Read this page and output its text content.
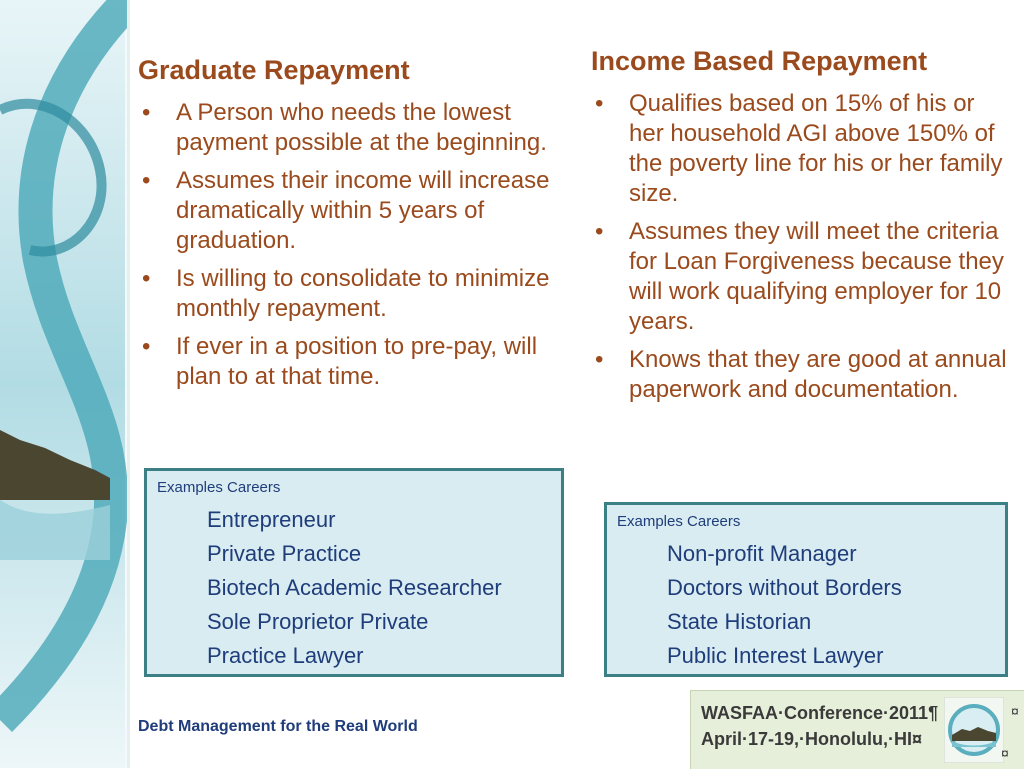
Graduate Repayment
• A Person who needs the lowest payment possible at the beginning.
• Assumes their income will increase dramatically within 5 years of graduation.
• Is willing to consolidate to minimize monthly repayment.
• If ever in a position to pre-pay, will plan to at that time.
Examples Careers
Entrepreneur
Private Practice
Biotech Academic Researcher
Sole Proprietor Private
Practice Lawyer
Income Based Repayment
• Qualifies based on 15% of his or her household AGI above 150% of the poverty line for his or her family size.
• Assumes they will meet the criteria for Loan Forgiveness because they will work qualifying employer for 10 years.
• Knows that they are good at annual paperwork and documentation.
Examples Careers
Non-profit Manager
Doctors without Borders
State Historian
Public Interest Lawyer
Debt Management for the Real World
WASFAA·Conference·2011¶
April·17-19,·Honolulu,·HI¤
¤
¤
